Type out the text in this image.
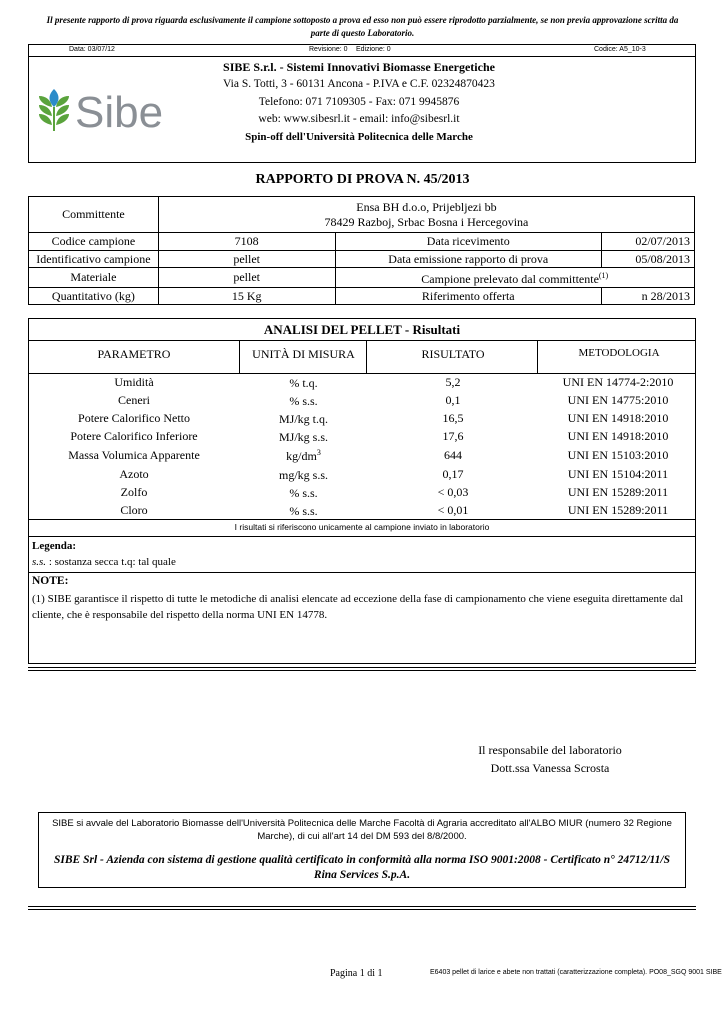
Il presente rapporto di prova riguarda esclusivamente il campione sottoposto a prova ed esso non può essere riprodotto parzialmente, se non previa approvazione scritta da parte di questo Laboratorio.
Data: 03/07/12	Revisione: 0 Edizione: 0	Codice: A5_10-3
Sibe
SIBE S.r.l. - Sistemi Innovativi Biomasse Energetiche
Via S. Totti, 3 - 60131 Ancona - P.IVA e C.F. 02324870423
Telefono: 071 7109305 - Fax: 071 9945876
web: www.sibesrl.it - email: info@sibesrl.it
Spin-off dell'Università Politecnica delle Marche
RAPPORTO DI PROVA N. 45/2013
Committente	Ensa BH d.o.o, Prijebljezi bb
78429 Razboj, Srbac Bosna i Hercegovina		

Codice campione	7108	Data ricevimento	02/07/2013
Identificativo campione	pellet	Data emissione rapporto di prova	05/08/2013
Materiale	pellet	Campione prelevato dal committente$^{(1)}$
Quantitativo (kg)	15 Kg	Riferimento offerta	n 28/2013
ANALISI DEL PELLET - Risultati
PARAMETRO	UNITÀ DI MISURA	RISULTATO	METODOLOGIA
Umidità	% t.q.	5,2	UNI EN 14774-2:2010
Ceneri	% s.s.	0,1	UNI EN 14775:2010
Potere Calorifico Netto	MJ/kg t.q.	16,5	UNI EN 14918:2010
Potere Calorifico Inferiore	MJ/kg s.s.	17,6	UNI EN 14918:2010
Massa Volumica Apparente	$kg/dm^3$	644	UNI EN 15103:2010
Azoto	mg/kg s.s.	0,17	UNI EN 15104:2011
Zolfo	% s.s.	< 0,03	UNI EN 15289:2011
Cloro	% s.s.	< 0,01	UNI EN 15289:2011
I risultati si riferiscono unicamente al campione inviato in laboratorio
Legenda:
s.s. : sostanza secca t.q: tal quale
NOTE:
(1) SIBE garantisce il rispetto di tutte le metodiche di analisi elencate ad eccezione della fase di campionamento che viene eseguita direttamente dal cliente, che è responsabile del rispetto della norma UNI EN 14778.
Il responsabile del laboratorio
Dott.ssa Vanessa Scrosta
SIBE si avvale del Laboratorio Biomasse dell'Università Politecnica delle Marche Facoltà di Agraria accreditato all'ALBO MIUR (numero 32 Regione Marche), di cui all'art 14 del DM 593 del 8/8/2000.
SIBE Srl - Azienda con sistema di gestione qualità certificato in conformità alla norma ISO 9001:2008 - Certificato n° 24712/11/S Rina Services S.p.A.
Pagina 1 di 1	E6403 pellet di larice e abete non trattati (caratterizzazione completa). PO08_SGQ 9001 SIBE
